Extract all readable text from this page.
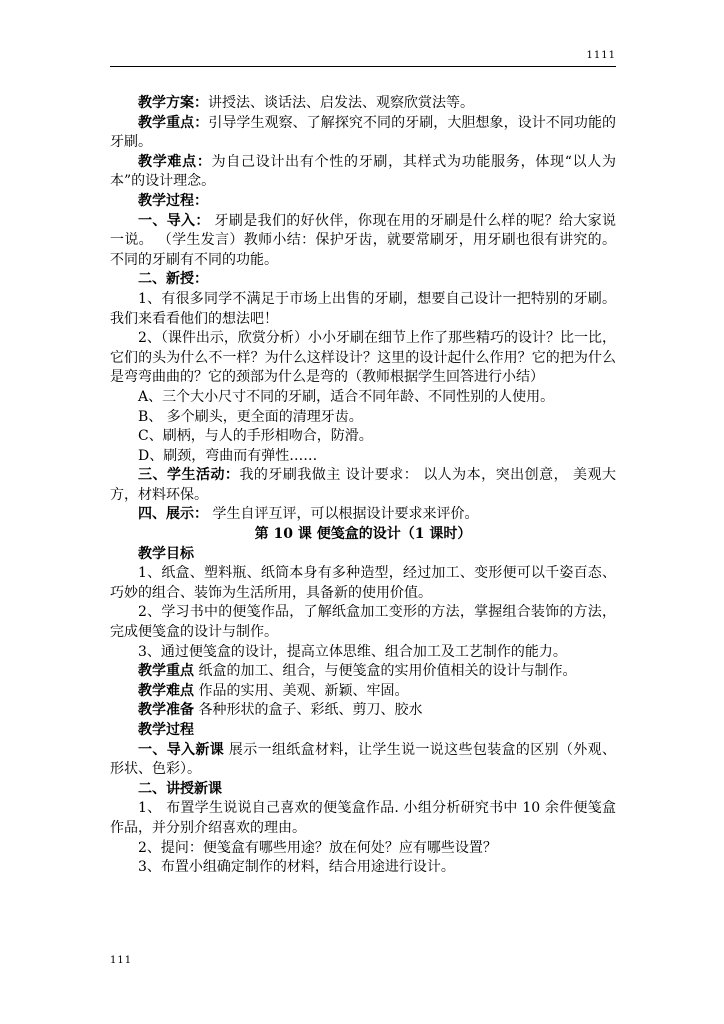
1111

教学方案：讲授法、谈话法、启发法、观察欣赏法等。

教学重点：引导学生观察、了解探究不同的牙刷，大胆想象，设计不同功能的牙刷。

教学难点：为自己设计出有个性的牙刷，其样式为功能服务，体现“以人为本”的设计理念。

教学过程：

一、导入： 牙刷是我们的好伙伴，你现在用的牙刷是什么样的呢？给大家说一说。 （学生发言）教师小结：保护牙齿，就要常刷牙，用牙刷也很有讲究的。不同的牙刷有不同的功能。

二、新授：

1、有很多同学不满足于市场上出售的牙刷，想要自己设计一把特别的牙刷。我们来看看他们的想法吧！

2、（课件出示，欣赏分析）小小牙刷在细节上作了那些精巧的设计？比一比，它们的头为什么不一样？为什么这样设计？这里的设计起什么作用？它的把为什么是弯弯曲曲的？它的颈部为什么是弯的（教师根据学生回答进行小结）

A、三个大小尺寸不同的牙刷，适合不同年龄、不同性别的人使用。

B、 多个刷头，更全面的清理牙齿。

C、刷柄，与人的手形相吻合，防滑。

D、刷颈，弯曲而有弹性……

三、学生活动：我的牙刷我做主 设计要求： 以人为本，突出创意， 美观大方，材料环保。

四、展示： 学生自评互评，可以根据设计要求来评价。

第 10 课 便笺盒的设计（1 课时）

教学目标

1、纸盒、塑料瓶、纸筒本身有多种造型，经过加工、变形便可以千姿百态、巧妙的组合、装饰为生活所用，具备新的使用价值。

2、学习书中的便笺作品，了解纸盒加工变形的方法，掌握组合装饰的方法，完成便笺盒的设计与制作。

3、通过便笺盒的设计，提高立体思维、组合加工及工艺制作的能力。

教学重点 纸盒的加工、组合，与便笺盒的实用价值相关的设计与制作。

教学难点 作品的实用、美观、新颖、牢固。

教学准备 各种形状的盒子、彩纸、剪刀、胶水

教学过程

一、导入新课 展示一组纸盒材料，让学生说一说这些包装盒的区别（外观、形状、色彩）。

二、讲授新课

1、 布置学生说说自己喜欢的便笺盒作品. 小组分析研究书中 10 余件便笺盒作品，并分别介绍喜欢的理由。

2、提问：便笺盒有哪些用途？放在何处？应有哪些设置？

3、布置小组确定制作的材料，结合用途进行设计。

111
